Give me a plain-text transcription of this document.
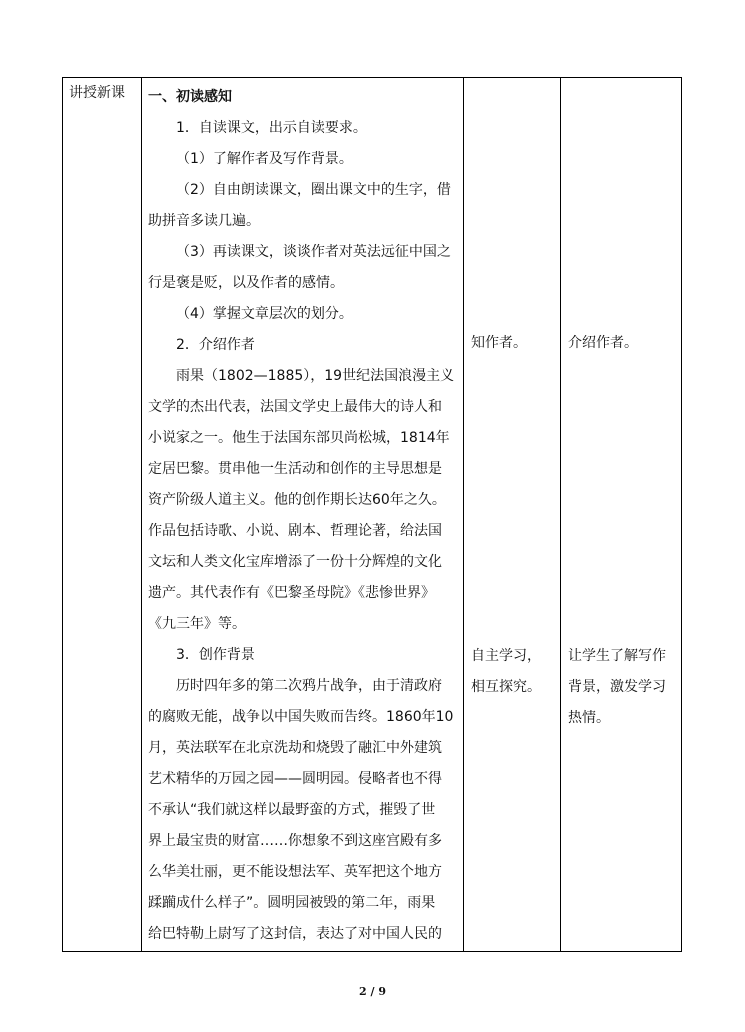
讲授新课	一、初读感知

1．自读课文，出示自读要求。

（1）了解作者及写作背景。

（2）自由朗读课文，圈出课文中的生字，借

助拼音多读几遍。

（3）再读课文，谈谈作者对英法远征中国之

行是褒是贬，以及作者的感情。

（4）掌握文章层次的划分。

2．介绍作者

雨果（1802—1885），19世纪法国浪漫主义

文学的杰出代表，法国文学史上最伟大的诗人和

小说家之一。他生于法国东部贝尚松城，1814年

定居巴黎。贯串他一生活动和创作的主导思想是

资产阶级人道主义。他的创作期长达60年之久。

作品包括诗歌、小说、剧本、哲理论著，给法国

文坛和人类文化宝库增添了一份十分辉煌的文化

遗产。其代表作有《巴黎圣母院》《悲惨世界》

《九三年》等。

3．创作背景

历时四年多的第二次鸦片战争，由于清政府

的腐败无能，战争以中国失败而告终。1860年10

月，英法联军在北京洗劫和烧毁了融汇中外建筑

艺术精华的万园之园——圆明园。侵略者也不得

不承认“我们就这样以最野蛮的方式，摧毁了世

界上最宝贵的财富……你想象不到这座宫殿有多

么华美壮丽，更不能设想法军、英军把这个地方

蹂躏成什么样子”。圆明园被毁的第二年，雨果

给巴特勒上尉写了这封信，表达了对中国人民的

知作者。	介绍作者。
自主学习，
相互探究。
让学生了解写作
背景，激发学习
热情。
2 / 9
